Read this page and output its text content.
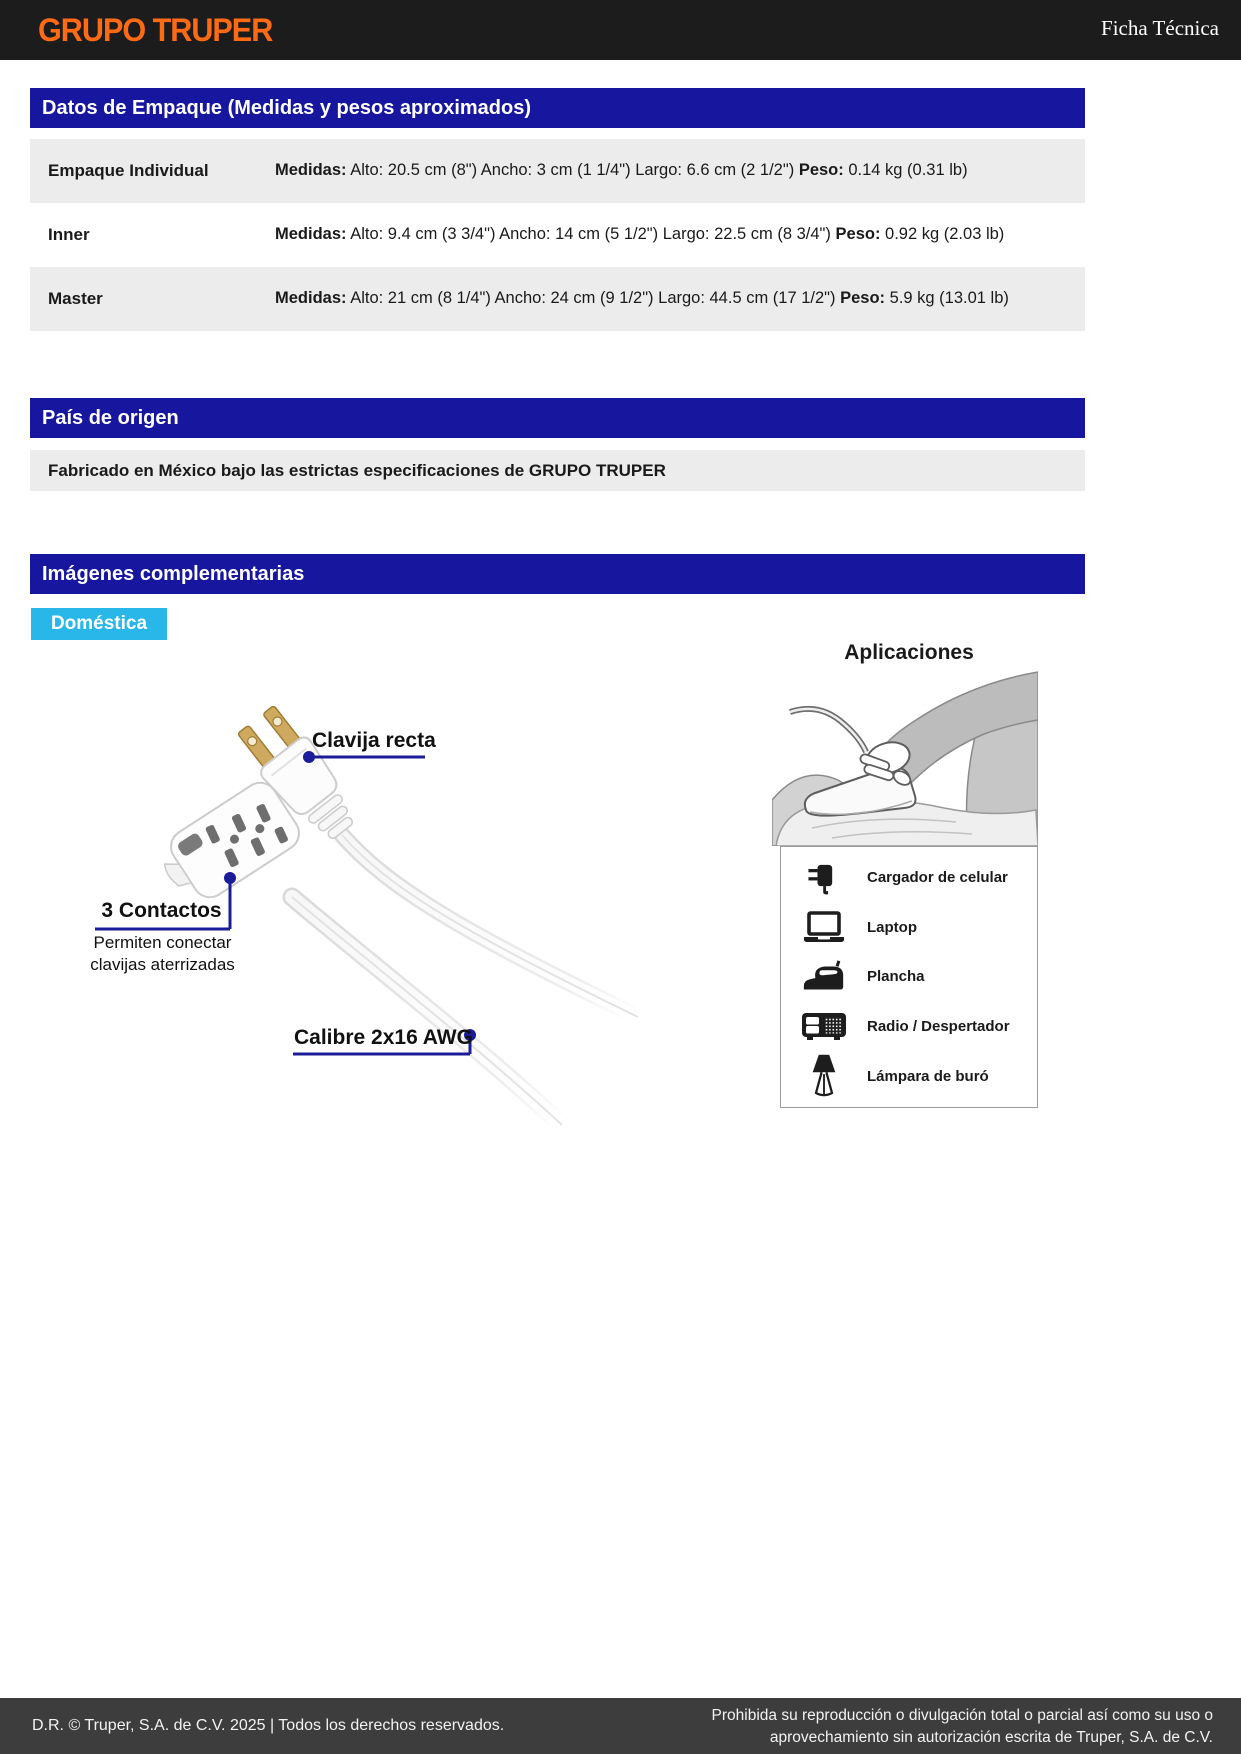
GRUPO TRUPER	Ficha Técnica
Datos de Empaque (Medidas y pesos aproximados)
Empaque Individual	Medidas: Alto: 20.5 cm (8") Ancho: 3 cm (1 1/4") Largo: 6.6 cm (2 1/2") Peso: 0.14 kg (0.31 lb)
Inner	Medidas: Alto: 9.4 cm (3 3/4") Ancho: 14 cm (5 1/2") Largo: 22.5 cm (8 3/4") Peso: 0.92 kg (2.03 lb)
Master	Medidas: Alto: 21 cm (8 1/4") Ancho: 24 cm (9 1/2") Largo: 44.5 cm (17 1/2") Peso: 5.9 kg (13.01 lb)
País de origen
Fabricado en México bajo las estrictas especificaciones de GRUPO TRUPER
Imágenes complementarias
Doméstica
Clavija recta
3 Contactos
Permiten conectar
clavijas aterrizadas
Calibre 2x16 AWG
Aplicaciones
Cargador de celular
Laptop
Plancha
Radio / Despertador
Lámpara de buró
D.R. © Truper, S.A. de C.V. 2025 | Todos los derechos reservados.
Prohibida su reproducción o divulgación total o parcial así como su uso o
aprovechamiento sin autorización escrita de Truper, S.A. de C.V.
